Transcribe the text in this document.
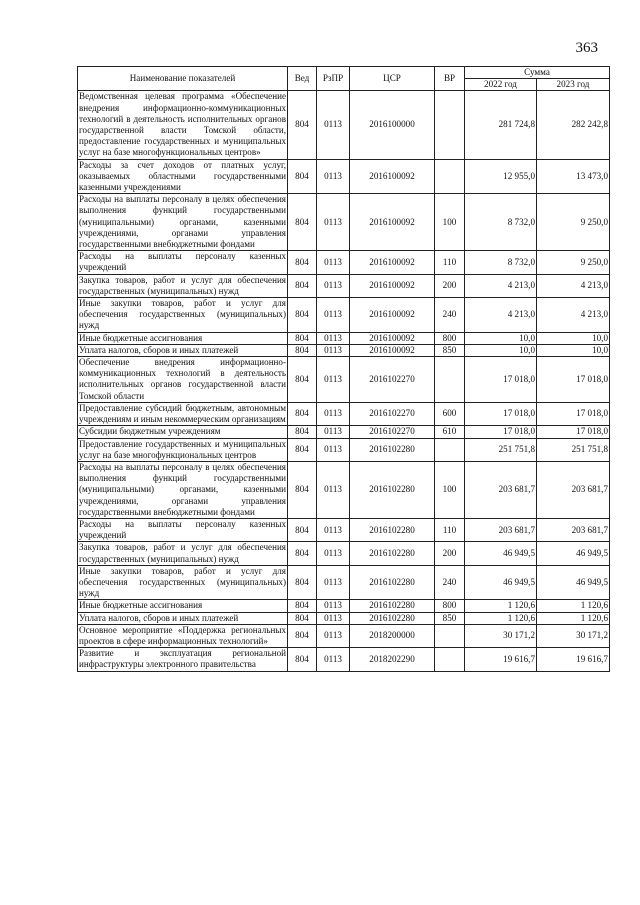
363
Наименование показателей	Вед	РзПР	ЦСР	ВР	Сумма	
					2022 год	2023 год
Ведомственная целевая программа «Обеспечение внедрения информационно-коммуникационных технологий в деятельность исполнительных органов государственной власти Томской области, предоставление государственных и муниципальных услуг на базе многофункциональных центров»	804	0113	2016100000		281 724,8	282 242,8
Расходы за счет доходов от платных услуг, оказываемых областными государственными казенными учреждениями	804	0113	2016100092		12 955,0	13 473,0
Расходы на выплаты персоналу в целях обеспечения выполнения функций государственными (муниципальными) органами, казенными учреждениями, органами управления государственными внебюджетными фондами	804	0113	2016100092	100	8 732,0	9 250,0
Расходы на выплаты персоналу казенных учреждений	804	0113	2016100092	110	8 732,0	9 250,0
Закупка товаров, работ и услуг для обеспечения государственных (муниципальных) нужд	804	0113	2016100092	200	4 213,0	4 213,0
Иные закупки товаров, работ и услуг для обеспечения государственных (муниципальных) нужд	804	0113	2016100092	240	4 213,0	4 213,0
Иные бюджетные ассигнования	804	0113	2016100092	800	10,0	10,0
Уплата налогов, сборов и иных платежей	804	0113	2016100092	850	10,0	10,0
Обеспечение внедрения информационно-коммуникационных технологий в деятельность исполнительных органов государственной власти Томской области	804	0113	2016102270		17 018,0	17 018,0
Предоставление субсидий бюджетным, автономным учреждениям и иным некоммерческим организациям	804	0113	2016102270	600	17 018,0	17 018,0
Субсидии бюджетным учреждениям	804	0113	2016102270	610	17 018,0	17 018,0
Предоставление государственных и муниципальных услуг на базе многофункциональных центров	804	0113	2016102280		251 751,8	251 751,8
Расходы на выплаты персоналу в целях обеспечения выполнения функций государственными (муниципальными) органами, казенными учреждениями, органами управления государственными внебюджетными фондами	804	0113	2016102280	100	203 681,7	203 681,7
Расходы на выплаты персоналу казенных учреждений	804	0113	2016102280	110	203 681,7	203 681,7
Закупка товаров, работ и услуг для обеспечения государственных (муниципальных) нужд	804	0113	2016102280	200	46 949,5	46 949,5
Иные закупки товаров, работ и услуг для обеспечения государственных (муниципальных) нужд	804	0113	2016102280	240	46 949,5	46 949,5
Иные бюджетные ассигнования	804	0113	2016102280	800	1 120,6	1 120,6
Уплата налогов, сборов и иных платежей	804	0113	2016102280	850	1 120,6	1 120,6
Основное мероприятие «Поддержка региональных проектов в сфере информационных технологий»	804	0113	2018200000		30 171,2	30 171,2
Развитие и эксплуатация региональной инфраструктуры электронного правительства	804	0113	2018202290		19 616,7	19 616,7
